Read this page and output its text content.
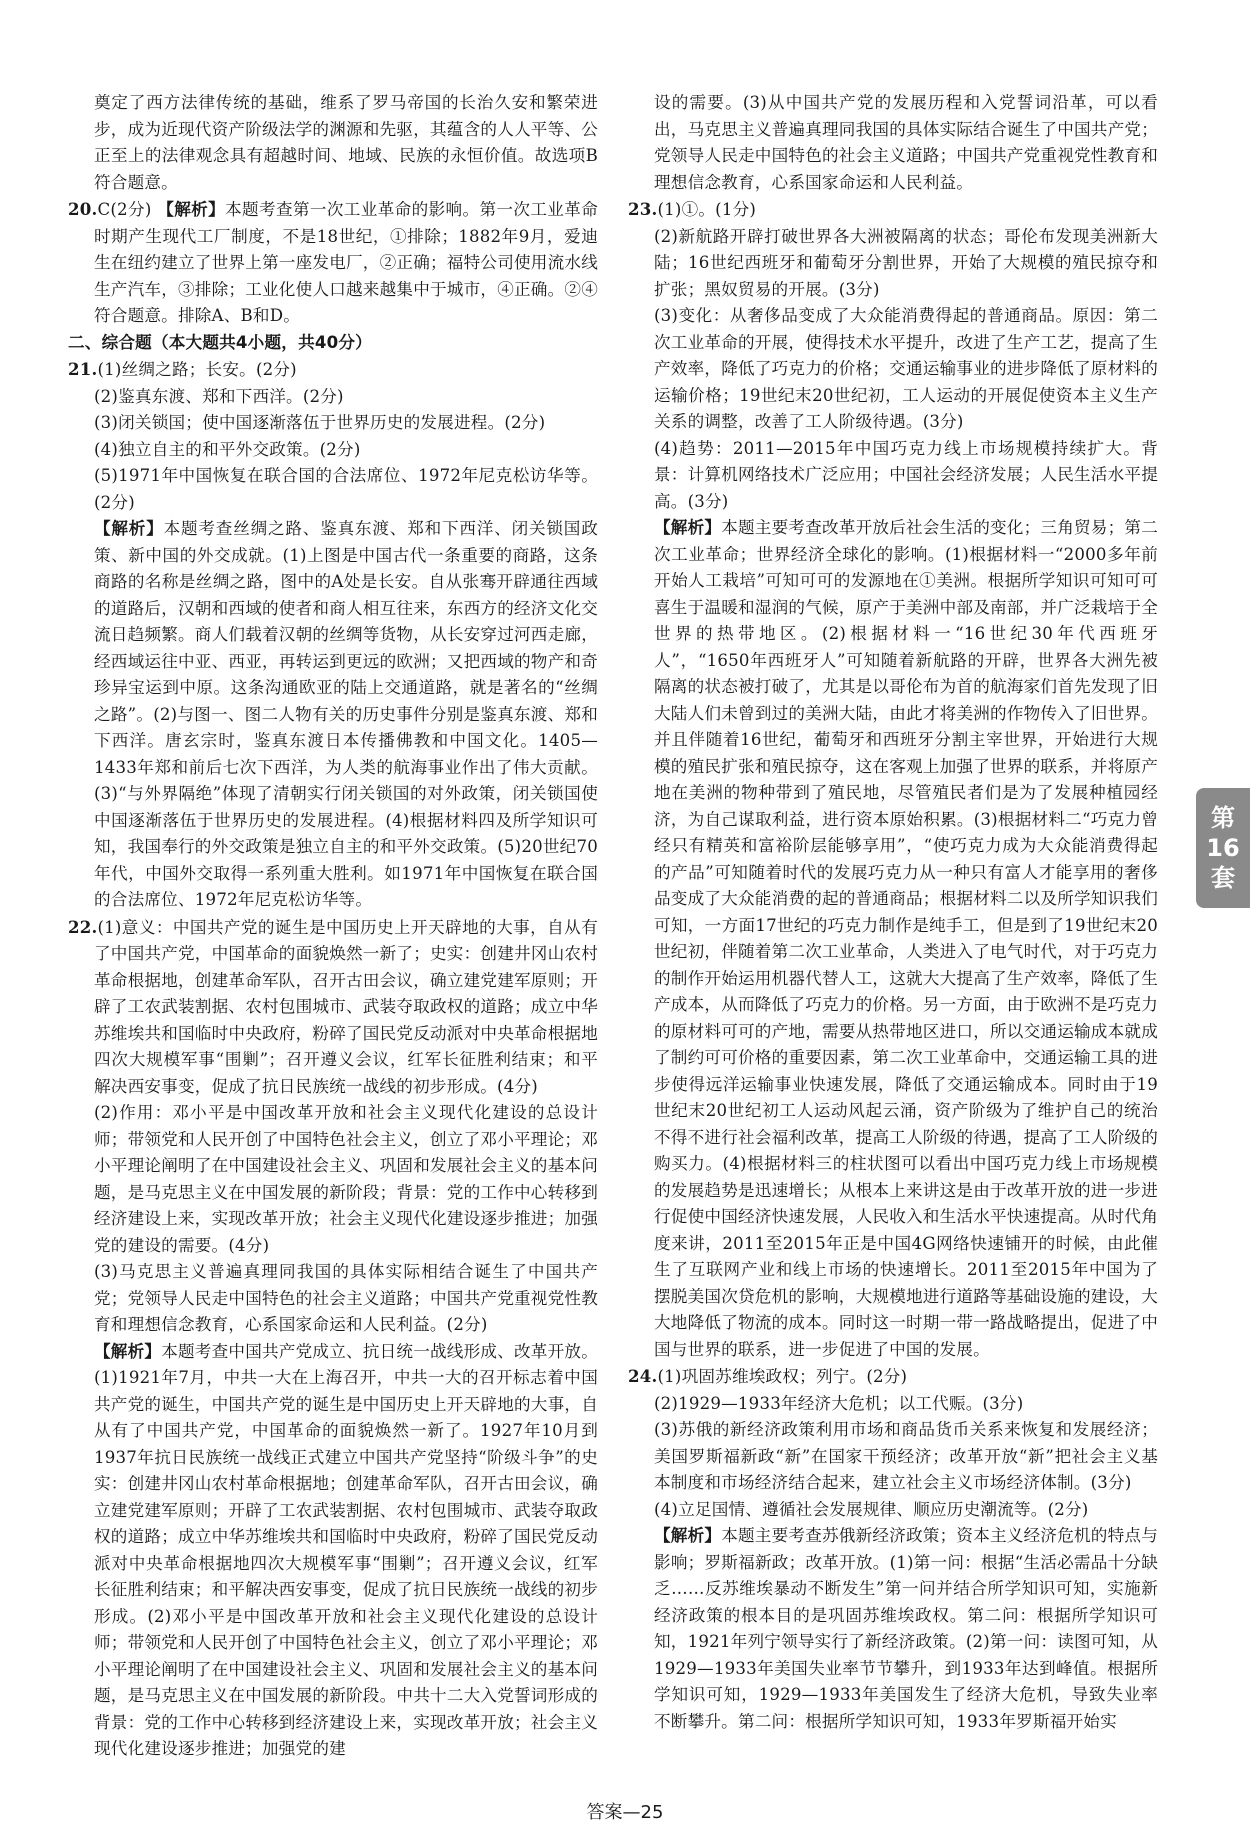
奠定了西方法律传统的基础，维系了罗马帝国的长治久安和繁荣进步，成为近现代资产阶级法学的渊源和先驱，其蕴含的人人平等、公正至上的法律观念具有超越时间、地域、民族的永恒价值。故选项B符合题意。

20.C(2分) 【解析】本题考查第一次工业革命的影响。第一次工业革命时期产生现代工厂制度，不是18世纪，①排除；1882年9月，爱迪生在纽约建立了世界上第一座发电厂，②正确；福特公司使用流水线生产汽车，③排除；工业化使人口越来越集中于城市，④正确。②④符合题意。排除A、B和D。

二、综合题（本大题共4小题，共40分）

21.(1)丝绸之路；长安。(2分)

(2)鉴真东渡、郑和下西洋。(2分)

(3)闭关锁国；使中国逐渐落伍于世界历史的发展进程。(2分)

(4)独立自主的和平外交政策。(2分)

(5)1971年中国恢复在联合国的合法席位、1972年尼克松访华等。(2分)

【解析】本题考查丝绸之路、鉴真东渡、郑和下西洋、闭关锁国政策、新中国的外交成就。(1)上图是中国古代一条重要的商路，这条商路的名称是丝绸之路，图中的A处是长安。自从张骞开辟通往西域的道路后，汉朝和西域的使者和商人相互往来，东西方的经济文化交流日趋频繁。商人们载着汉朝的丝绸等货物，从长安穿过河西走廊，经西域运往中亚、西亚，再转运到更远的欧洲；又把西域的物产和奇珍异宝运到中原。这条沟通欧亚的陆上交通道路，就是著名的“丝绸之路”。(2)与图一、图二人物有关的历史事件分别是鉴真东渡、郑和下西洋。唐玄宗时，鉴真东渡日本传播佛教和中国文化。1405—1433年郑和前后七次下西洋，为人类的航海事业作出了伟大贡献。(3)“与外界隔绝”体现了清朝实行闭关锁国的对外政策，闭关锁国使中国逐渐落伍于世界历史的发展进程。(4)根据材料四及所学知识可知，我国奉行的外交政策是独立自主的和平外交政策。(5)20世纪70年代，中国外交取得一系列重大胜利。如1971年中国恢复在联合国的合法席位、1972年尼克松访华等。

22.(1)意义：中国共产党的诞生是中国历史上开天辟地的大事，自从有了中国共产党，中国革命的面貌焕然一新了；史实：创建井冈山农村革命根据地，创建革命军队，召开古田会议，确立建党建军原则；开辟了工农武装割据、农村包围城市、武装夺取政权的道路；成立中华苏维埃共和国临时中央政府，粉碎了国民党反动派对中央革命根据地四次大规模军事“围剿”；召开遵义会议，红军长征胜利结束；和平解决西安事变，促成了抗日民族统一战线的初步形成。(4分)

(2)作用：邓小平是中国改革开放和社会主义现代化建设的总设计师；带领党和人民开创了中国特色社会主义，创立了邓小平理论；邓小平理论阐明了在中国建设社会主义、巩固和发展社会主义的基本问题，是马克思主义在中国发展的新阶段；背景：党的工作中心转移到经济建设上来，实现改革开放；社会主义现代化建设逐步推进；加强党的建设的需要。(4分)

(3)马克思主义普遍真理同我国的具体实际相结合诞生了中国共产党；党领导人民走中国特色的社会主义道路；中国共产党重视党性教育和理想信念教育，心系国家命运和人民利益。(2分)

【解析】本题考查中国共产党成立、抗日统一战线形成、改革开放。(1)1921年7月，中共一大在上海召开，中共一大的召开标志着中国共产党的诞生，中国共产党的诞生是中国历史上开天辟地的大事，自从有了中国共产党，中国革命的面貌焕然一新了。1927年10月到1937年抗日民族统一战线正式建立中国共产党坚持“阶级斗争”的史实：创建井冈山农村革命根据地；创建革命军队，召开古田会议，确立建党建军原则；开辟了工农武装割据、农村包围城市、武装夺取政权的道路；成立中华苏维埃共和国临时中央政府，粉碎了国民党反动派对中央革命根据地四次大规模军事“围剿”；召开遵义会议，红军长征胜利结束；和平解决西安事变，促成了抗日民族统一战线的初步形成。(2)邓小平是中国改革开放和社会主义现代化建设的总设计师；带领党和人民开创了中国特色社会主义，创立了邓小平理论；邓小平理论阐明了在中国建设社会主义、巩固和发展社会主义的基本问题，是马克思主义在中国发展的新阶段。中共十二大入党誓词形成的背景：党的工作中心转移到经济建设上来，实现改革开放；社会主义现代化建设逐步推进；加强党的建

设的需要。(3)从中国共产党的发展历程和入党誓词沿革，可以看出，马克思主义普遍真理同我国的具体实际结合诞生了中国共产党；党领导人民走中国特色的社会主义道路；中国共产党重视党性教育和理想信念教育，心系国家命运和人民利益。

23.(1)①。(1分)

(2)新航路开辟打破世界各大洲被隔离的状态；哥伦布发现美洲新大陆；16世纪西班牙和葡萄牙分割世界，开始了大规模的殖民掠夺和扩张；黑奴贸易的开展。(3分)

(3)变化：从奢侈品变成了大众能消费得起的普通商品。原因：第二次工业革命的开展，使得技术水平提升，改进了生产工艺，提高了生产效率，降低了巧克力的价格；交通运输事业的进步降低了原材料的运输价格；19世纪末20世纪初，工人运动的开展促使资本主义生产关系的调整，改善了工人阶级待遇。(3分)

(4)趋势：2011—2015年中国巧克力线上市场规模持续扩大。背景：计算机网络技术广泛应用；中国社会经济发展；人民生活水平提高。(3分)

【解析】本题主要考查改革开放后社会生活的变化；三角贸易；第二次工业革命；世界经济全球化的影响。(1)根据材料一“2000多年前开始人工栽培”可知可可的发源地在①美洲。根据所学知识可知可可喜生于温暖和湿润的气候，原产于美洲中部及南部，并广泛栽培于全世界的热带地区。(2)根据材料一“16世纪30年代西班牙人”，“1650年西班牙人”可知随着新航路的开辟，世界各大洲先被隔离的状态被打破了，尤其是以哥伦布为首的航海家们首先发现了旧大陆人们未曾到过的美洲大陆，由此才将美洲的作物传入了旧世界。并且伴随着16世纪，葡萄牙和西班牙分割主宰世界，开始进行大规模的殖民扩张和殖民掠夺，这在客观上加强了世界的联系，并将原产地在美洲的物种带到了殖民地，尽管殖民者们是为了发展种植园经济，为自己谋取利益，进行资本原始积累。(3)根据材料二“巧克力曾经只有精英和富裕阶层能够享用”，“使巧克力成为大众能消费得起的产品”可知随着时代的发展巧克力从一种只有富人才能享用的奢侈品变成了大众能消费的起的普通商品；根据材料二以及所学知识我们可知，一方面17世纪的巧克力制作是纯手工，但是到了19世纪末20世纪初，伴随着第二次工业革命，人类进入了电气时代，对于巧克力的制作开始运用机器代替人工，这就大大提高了生产效率，降低了生产成本，从而降低了巧克力的价格。另一方面，由于欧洲不是巧克力的原材料可可的产地，需要从热带地区进口，所以交通运输成本就成了制约可可价格的重要因素，第二次工业革命中，交通运输工具的进步使得远洋运输事业快速发展，降低了交通运输成本。同时由于19世纪末20世纪初工人运动风起云涌，资产阶级为了维护自己的统治不得不进行社会福利改革，提高工人阶级的待遇，提高了工人阶级的购买力。(4)根据材料三的柱状图可以看出中国巧克力线上市场规模的发展趋势是迅速增长；从根本上来讲这是由于改革开放的进一步进行促使中国经济快速发展，人民收入和生活水平快速提高。从时代角度来讲，2011至2015年正是中国4G网络快速铺开的时候，由此催生了互联网产业和线上市场的快速增长。2011至2015年中国为了摆脱美国次贷危机的影响，大规模地进行道路等基础设施的建设，大大地降低了物流的成本。同时这一时期一带一路战略提出，促进了中国与世界的联系，进一步促进了中国的发展。

24.(1)巩固苏维埃政权；列宁。(2分)

(2)1929—1933年经济大危机；以工代赈。(3分)

(3)苏俄的新经济政策利用市场和商品货币关系来恢复和发展经济；美国罗斯福新政“新”在国家干预经济；改革开放“新”把社会主义基本制度和市场经济结合起来，建立社会主义市场经济体制。(3分)

(4)立足国情、遵循社会发展规律、顺应历史潮流等。(2分)

【解析】本题主要考查苏俄新经济政策；资本主义经济危机的特点与影响；罗斯福新政；改革开放。(1)第一问：根据“生活必需品十分缺乏……反苏维埃暴动不断发生”第一问并结合所学知识可知，实施新经济政策的根本目的是巩固苏维埃政权。第二问：根据所学知识可知，1921年列宁领导实行了新经济政策。(2)第一问：读图可知，从1929—1933年美国失业率节节攀升，到1933年达到峰值。根据所学知识可知，1929—1933年美国发生了经济大危机，导致失业率不断攀升。第二问：根据所学知识可知，1933年罗斯福开始实

第
16
套
答案—25
